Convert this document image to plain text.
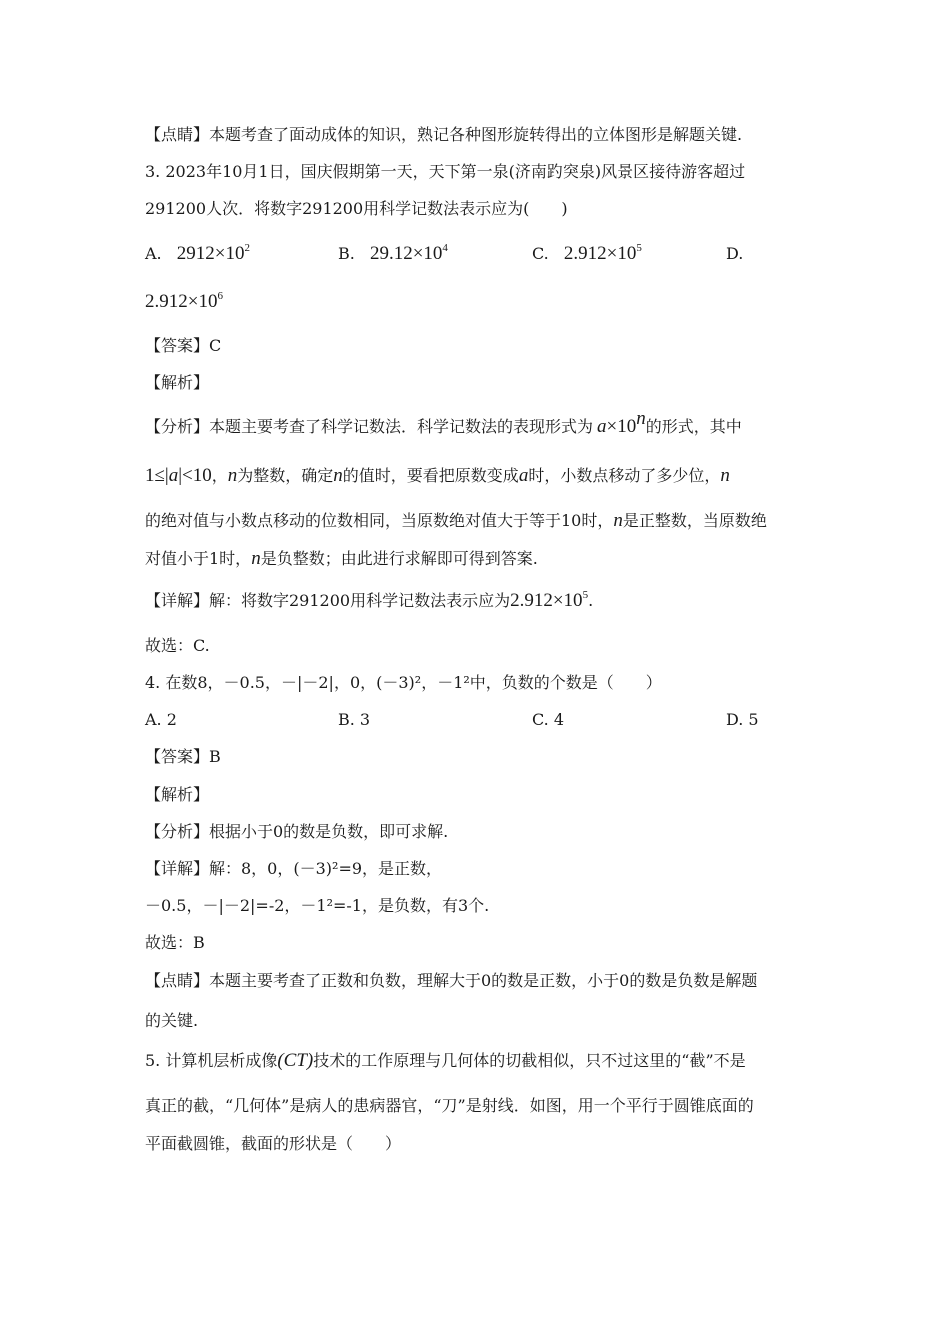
【点睛】本题考查了面动成体的知识，熟记各种图形旋转得出的立体图形是解题关键.
3. 2023年10月1日，国庆假期第一天，天下第一泉(济南趵突泉)风景区接待游客超过
291200人次．将数字291200用科学记数法表示应为(　　)
A. $2912\times 10^2$	B. $29.12\times 10^4$	C. $2.912\times 10^5$	D.
$2.912\times 10^6$
【答案】C
【解析】
【分析】本题主要考查了科学记数法．科学记数法的表现形式为 $a\times 10^n$的形式，其中
1≤|a|<10，n为整数，确定n的值时，要看把原数变成a时，小数点移动了多少位，n
的绝对值与小数点移动的位数相同，当原数绝对值大于等于10时，n是正整数，当原数绝
对值小于1时，n是负整数；由此进行求解即可得到答案.
【详解】解：将数字291200用科学记数法表示应为$2.912\times 10^5$.
故选：C.
4. 在数8，－0.5，－|－2|，0，(－3)²，－1²中，负数的个数是（　　）
A. 2	B. 3	C. 4	D. 5
【答案】B
【解析】
【分析】根据小于0的数是负数，即可求解.
【详解】解：8，0，(－3)²=9，是正数，
－0.5，－|－2|=-2，－1²=-1，是负数，有3个.
故选：B
【点睛】本题主要考查了正数和负数，理解大于0的数是正数，小于0的数是负数是解题
的关键.
5. 计算机层析成像(CT)技术的工作原理与几何体的切截相似，只不过这里的“截”不是
真正的截，“几何体”是病人的患病器官，“刀”是射线．如图，用一个平行于圆锥底面的
平面截圆锥，截面的形状是（　　）
